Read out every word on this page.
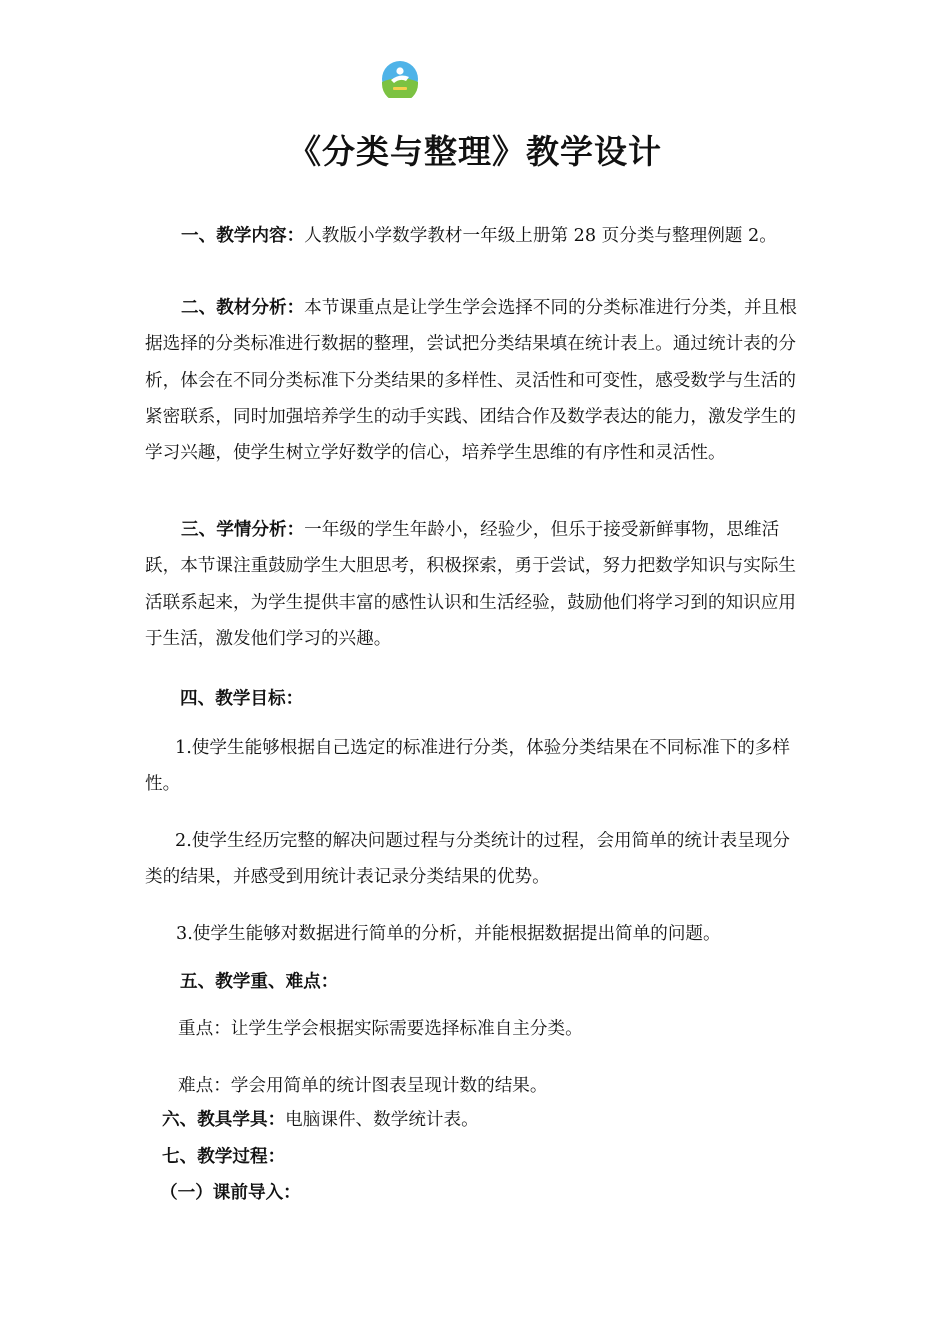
《分类与整理》教学设计

一、教学内容：人教版小学数学教材一年级上册第 28 页分类与整理例题 2。

二、教材分析：本节课重点是让学生学会选择不同的分类标准进行分类，并且根据选择的分类标准进行数据的整理，尝试把分类结果填在统计表上。通过统计表的分析，体会在不同分类标准下分类结果的多样性、灵活性和可变性，感受数学与生活的紧密联系，同时加强培养学生的动手实践、团结合作及数学表达的能力，激发学生的学习兴趣，使学生树立学好数学的信心，培养学生思维的有序性和灵活性。

三、学情分析：一年级的学生年龄小，经验少，但乐于接受新鲜事物，思维活跃，本节课注重鼓励学生大胆思考，积极探索，勇于尝试，努力把数学知识与实际生活联系起来，为学生提供丰富的感性认识和生活经验，鼓励他们将学习到的知识应用于生活，激发他们学习的兴趣。

四、教学目标：

1.使学生能够根据自己选定的标准进行分类，体验分类结果在不同标准下的多样性。

2.使学生经历完整的解决问题过程与分类统计的过程，会用简单的统计表呈现分类的结果，并感受到用统计表记录分类结果的优势。

3.使学生能够对数据进行简单的分析，并能根据数据提出简单的问题。

五、教学重、难点：

重点：让学生学会根据实际需要选择标准自主分类。

难点：学会用简单的统计图表呈现计数的结果。

六、教具学具：电脑课件、数学统计表。

七、教学过程：

（一）课前导入：
